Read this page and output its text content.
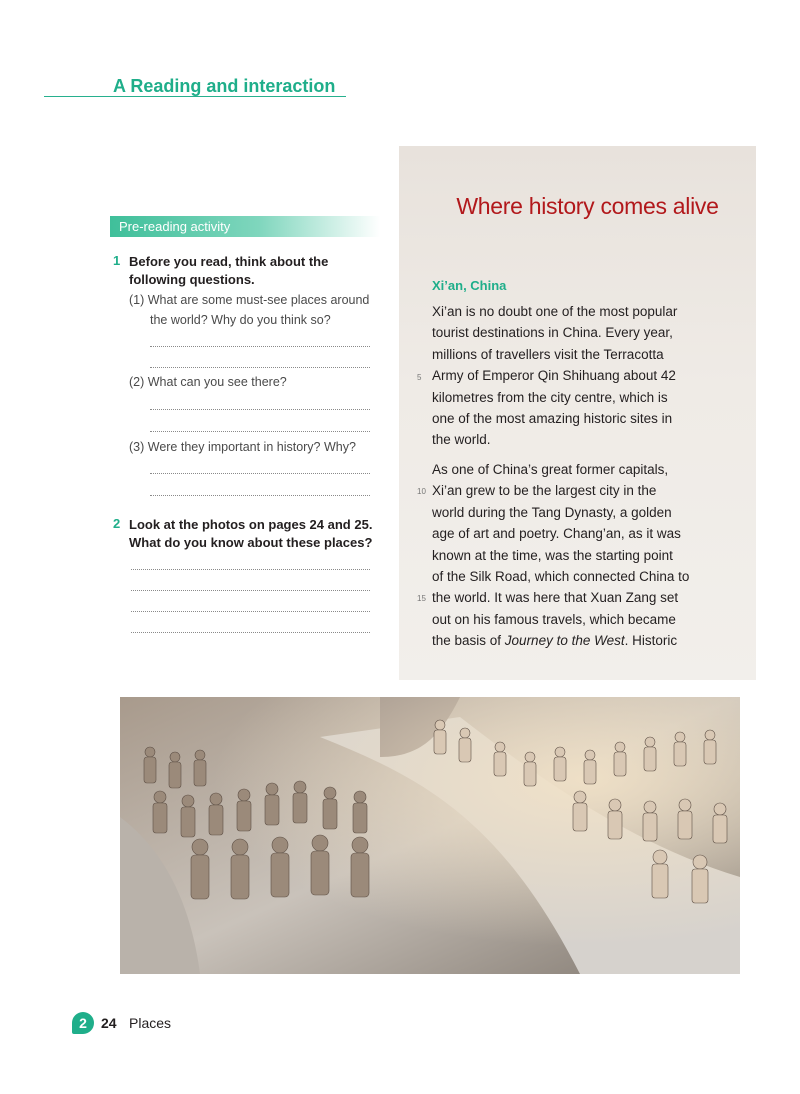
A Reading and interaction
Pre-reading activity
1 Before you read, think about the
following questions.
(1) What are some must-see places around
the world? Why do you think so?
(2) What can you see there?
(3) Were they important in history? Why?
2 Look at the photos on pages 24 and 25.
What do you know about these places?
Where history comes alive
Xi’an, China

Xi’an is no doubt one of the most popular

tourist destinations in China. Every year,

millions of travellers visit the Terracotta

Army of Emperor Qin Shihuang about 42

kilometres from the city centre, which is

one of the most amazing historic sites in

the world.

As one of China’s great former capitals,

Xi’an grew to be the largest city in the

world during the Tang Dynasty, a golden

age of art and poetry. Chang’an, as it was

known at the time, was the starting point

of the Silk Road, which connected China to

the world. It was here that Xuan Zang set

out on his famous travels, which became

the basis of Journey to the West. Historic

5
10
15
2	24 Places
